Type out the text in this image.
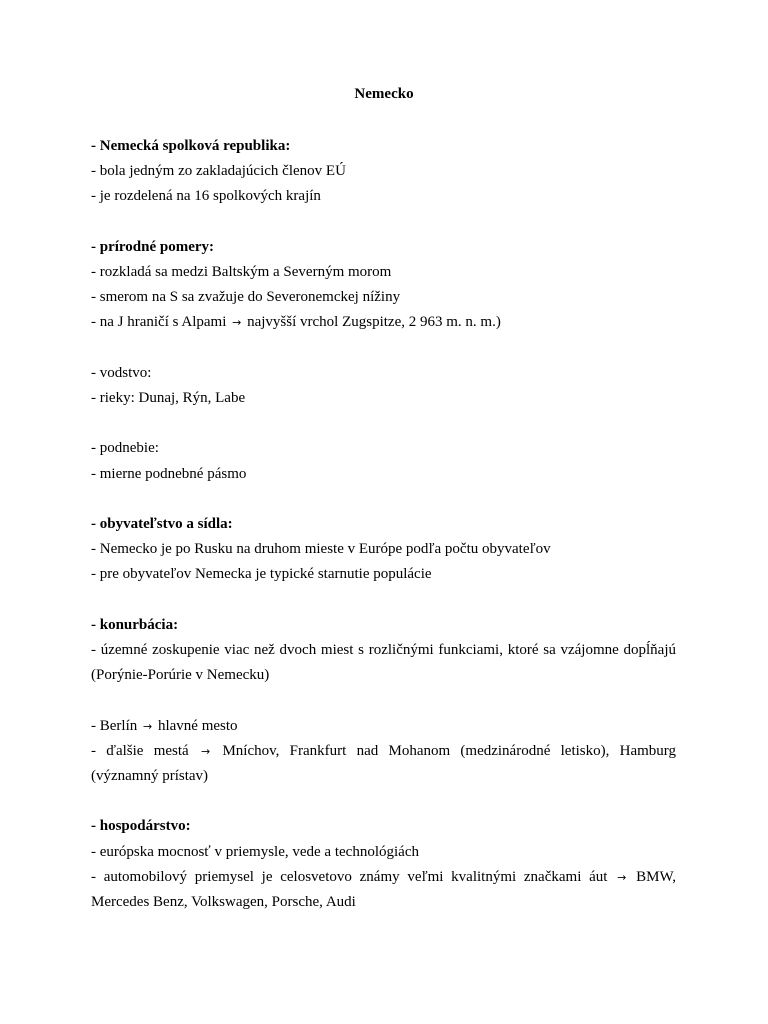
Nemecko
- Nemecká spolková republika:
- bola jedným zo zakladajúcich členov EÚ
- je rozdelená na 16 spolkových krajín
- prírodné pomery:
- rozkladá sa medzi Baltským a Severným morom
- smerom na S sa zvažuje do Severonemckej nížiny
- na J hraničí s Alpami → najvyšší vrchol Zugspitze, 2 963 m. n. m.)
- vodstvo:
- rieky: Dunaj, Rýn, Labe
- podnebie:
- mierne podnebné pásmo
- obyvateľstvo a sídla:
- Nemecko je po Rusku na druhom mieste v Európe podľa počtu obyvateľov
- pre obyvateľov Nemecka je typické starnutie populácie
- konurbácia:
- územné zoskupenie viac než dvoch miest s rozličnými funkciami, ktoré sa vzájomne dopĺňajú (Porýnie-Porúrie v Nemecku)
- Berlín → hlavné mesto
- ďalšie mestá → Mníchov, Frankfurt nad Mohanom (medzinárodné letisko), Hamburg (významný prístav)
- hospodárstvo:
- európska mocnosť v priemysle, vede a technológiách
- automobilový priemysel je celosvetovo známy veľmi kvalitnými značkami áut → BMW, Mercedes Benz, Volkswagen, Porsche, Audi
